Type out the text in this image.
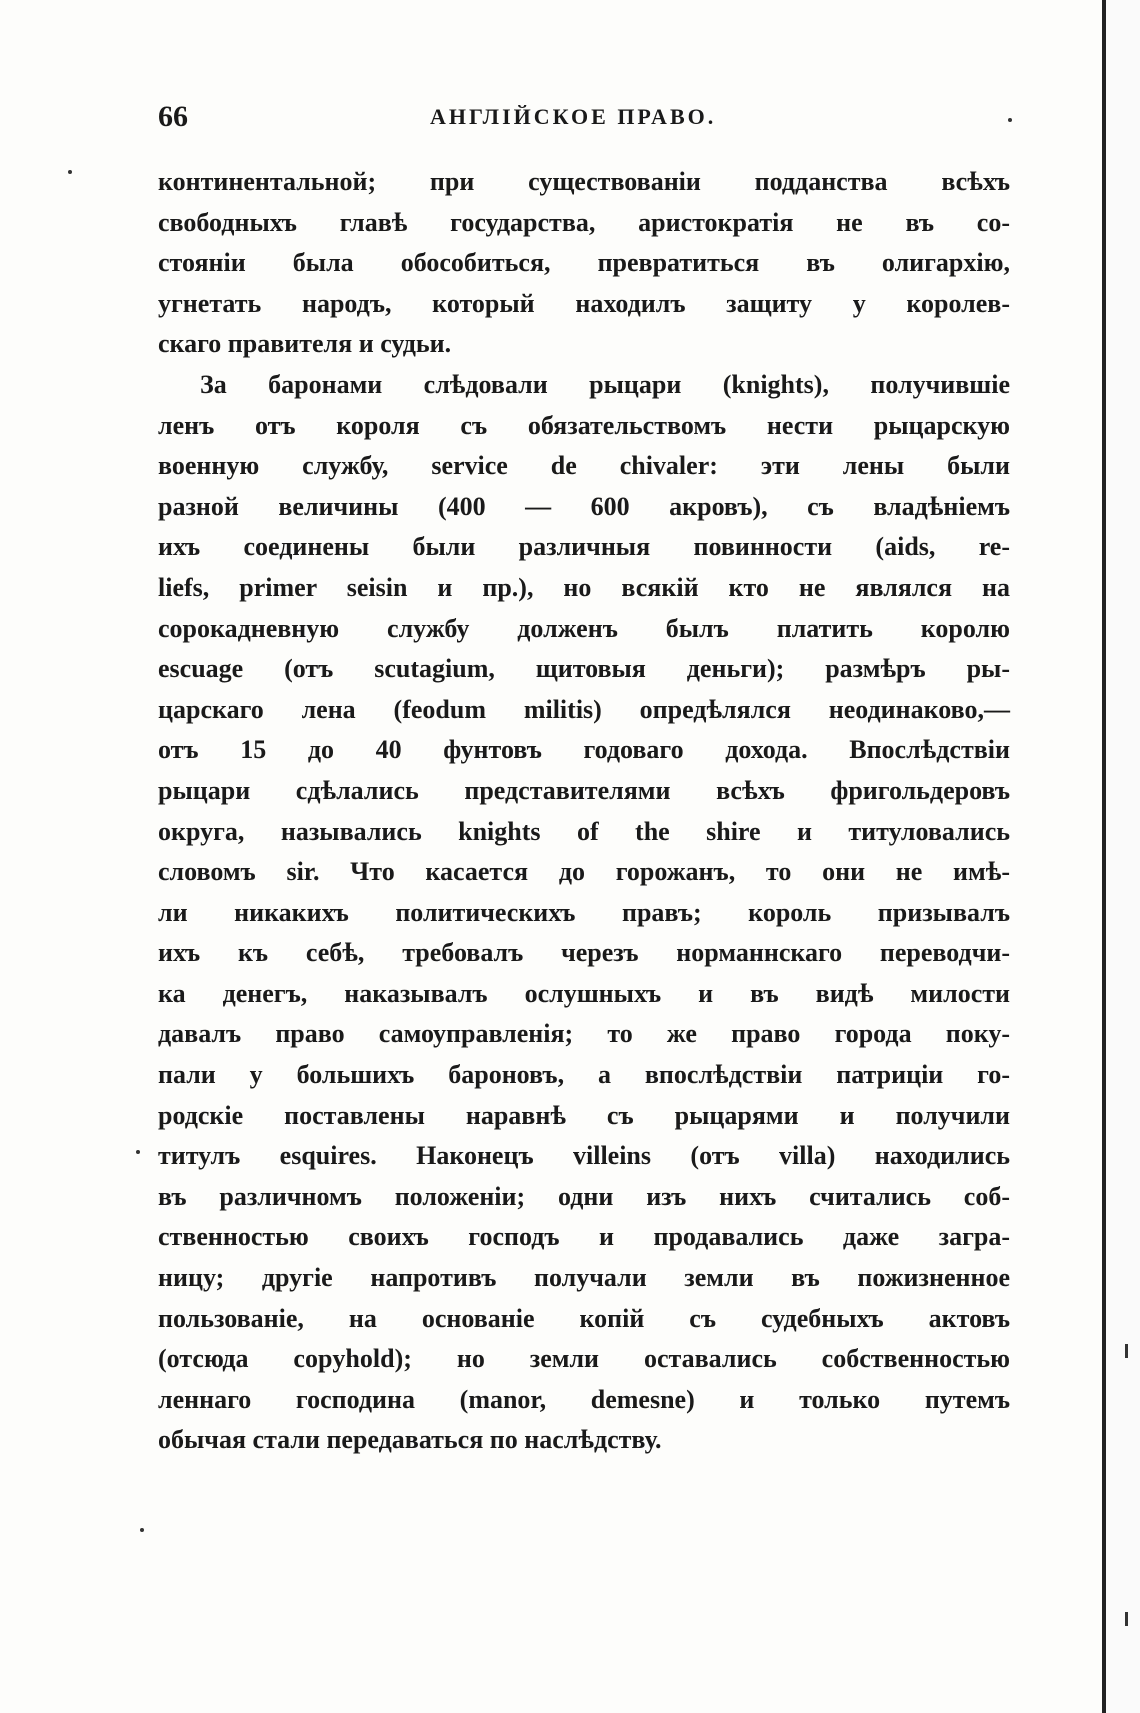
66	АНГЛІЙСКОЕ ПРАВО.
континентальной; при существованіи подданства всѣхъ
свободныхъ главѣ государства, аристократія не въ со-
стояніи была обособиться, превратиться въ олигархію,
угнетать народъ, который находилъ защиту у королев-
скаго правителя и судьи.
За баронами слѣдовали рыцари (knights), получившіе
ленъ отъ короля съ обязательствомъ нести рыцарскую
военную службу, service de chivaler: эти лены были
разной величины (400 — 600 акровъ), съ владѣніемъ
ихъ соединены были различныя повинности (aids, re-
liefs, primer seisin и пр.), но всякій кто не являлся на
сорокадневную службу долженъ былъ платить королю
escuage (отъ scutagium, щитовыя деньги); размѣръ ры-
царскаго лена (feodum militis) опредѣлялся неодинаково,—
отъ 15 до 40 фунтовъ годоваго дохода. Впослѣдствіи
рыцари сдѣлались представителями всѣхъ фригольдеровъ
округа, назывались knights of the shire и титуловались
словомъ sir. Что касается до горожанъ, то они не имѣ-
ли никакихъ политическихъ правъ; король призывалъ
ихъ къ себѣ, требовалъ черезъ норманнскаго переводчи-
ка денегъ, наказывалъ ослушныхъ и въ видѣ милости
давалъ право самоуправленія; то же право города поку-
пали у большихъ бароновъ, а впослѣдствіи патриціи го-
родскіе поставлены наравнѣ съ рыцарями и получили
титулъ esquires. Наконецъ villeins (отъ villa) находились
въ различномъ положеніи; одни изъ нихъ считались соб-
ственностью своихъ господъ и продавались даже загра-
ницу; другіе напротивъ получали земли въ пожизненное
пользованіе, на основаніе копій съ судебныхъ актовъ
(отсюда copyhold); но земли оставались собственностью
леннаго господина (manor, demesne) и только путемъ
обычая стали передаваться по наслѣдству.
